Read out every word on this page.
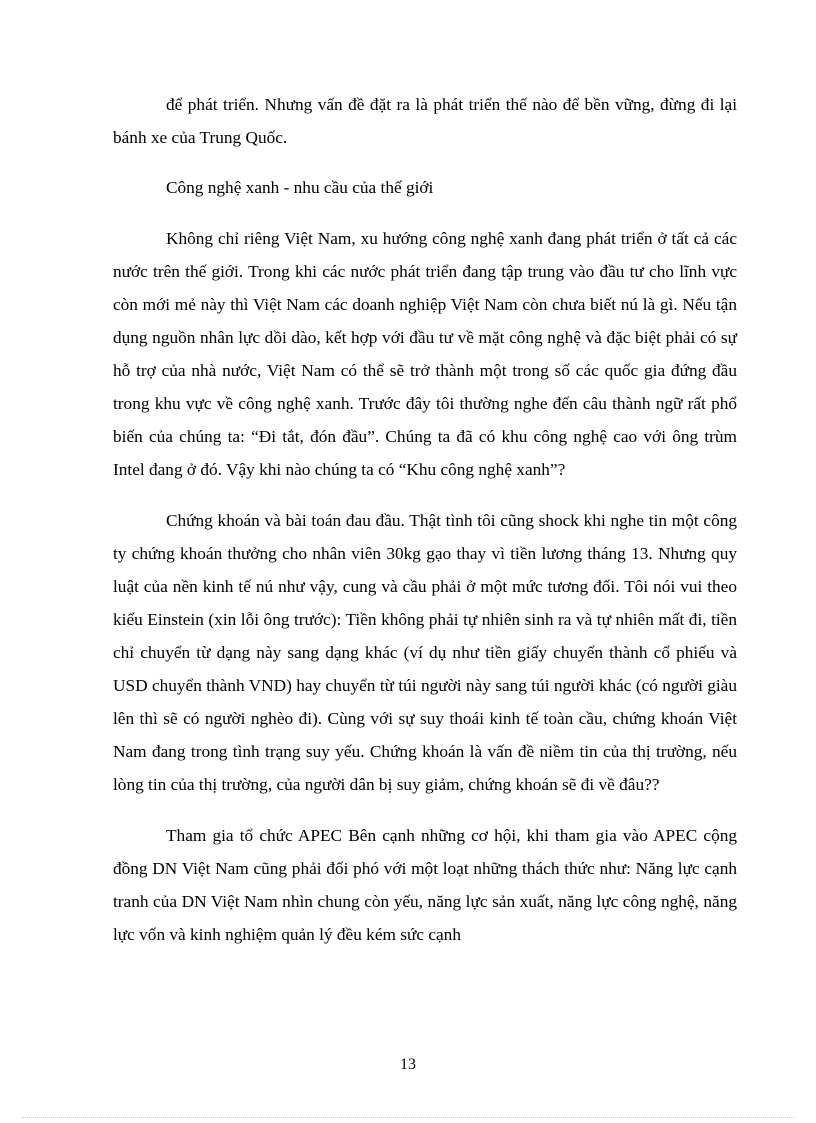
để phát triển. Nhưng vấn đề đặt ra là phát triển thế nào để bền vững, đừng đi lại bánh xe của Trung Quốc.

Công nghệ xanh - nhu cầu của thế giới

Không chỉ riêng Việt Nam, xu hướng công nghệ xanh đang phát triển ở tất cả các nước trên thế giới. Trong khi các nước phát triển đang tập trung vào đầu tư cho lĩnh vực còn mới mẻ này thì Việt Nam các doanh nghiệp Việt Nam còn chưa biết nú là gì. Nếu tận dụng nguồn nhân lực dồi dào, kết hợp với đầu tư về mặt công nghệ và đặc biệt phải có sự hỗ trợ của nhà nước, Việt Nam có thể sẽ trở thành một trong số các quốc gia đứng đầu trong khu vực về công nghệ xanh. Trước đây tôi thường nghe đến câu thành ngữ rất phổ biến của chúng ta: “Đi tắt, đón đầu”. Chúng ta đã có khu công nghệ cao với ông trùm Intel đang ở đó. Vậy khi nào chúng ta có “Khu công nghệ xanh”?

Chứng khoán và bài toán đau đầu. Thật tình tôi cũng shock khi nghe tin một công ty chứng khoán thưởng cho nhân viên 30kg gạo thay vì tiền lương tháng 13. Nhưng quy luật của nền kinh tế nú như vậy, cung và cầu phải ở một mức tương đối. Tôi nói vui theo kiểu Einstein (xin lỗi ông trước): Tiền không phải tự nhiên sinh ra và tự nhiên mất đi, tiền chỉ chuyển từ dạng này sang dạng khác (ví dụ như tiền giấy chuyển thành cổ phiếu và USD chuyển thành VND) hay chuyển từ túi người này sang túi người khác (có người giàu lên thì sẽ có người nghèo đi). Cùng với sự suy thoái kinh tế toàn cầu, chứng khoán Việt Nam đang trong tình trạng suy yếu. Chứng khoán là vấn đề niềm tin của thị trường, nếu lòng tin của thị trường, của người dân bị suy giảm, chứng khoán sẽ đi về đâu??

Tham gia tổ chức APEC Bên cạnh những cơ hội, khi tham gia vào APEC cộng đồng DN Việt Nam cũng phải đối phó với một loạt những thách thức như: Năng lực cạnh tranh của DN Việt Nam nhìn chung còn yếu, năng lực sản xuất, năng lực công nghệ, năng lực vốn và kinh nghiệm quản lý đều kém sức cạnh

13
